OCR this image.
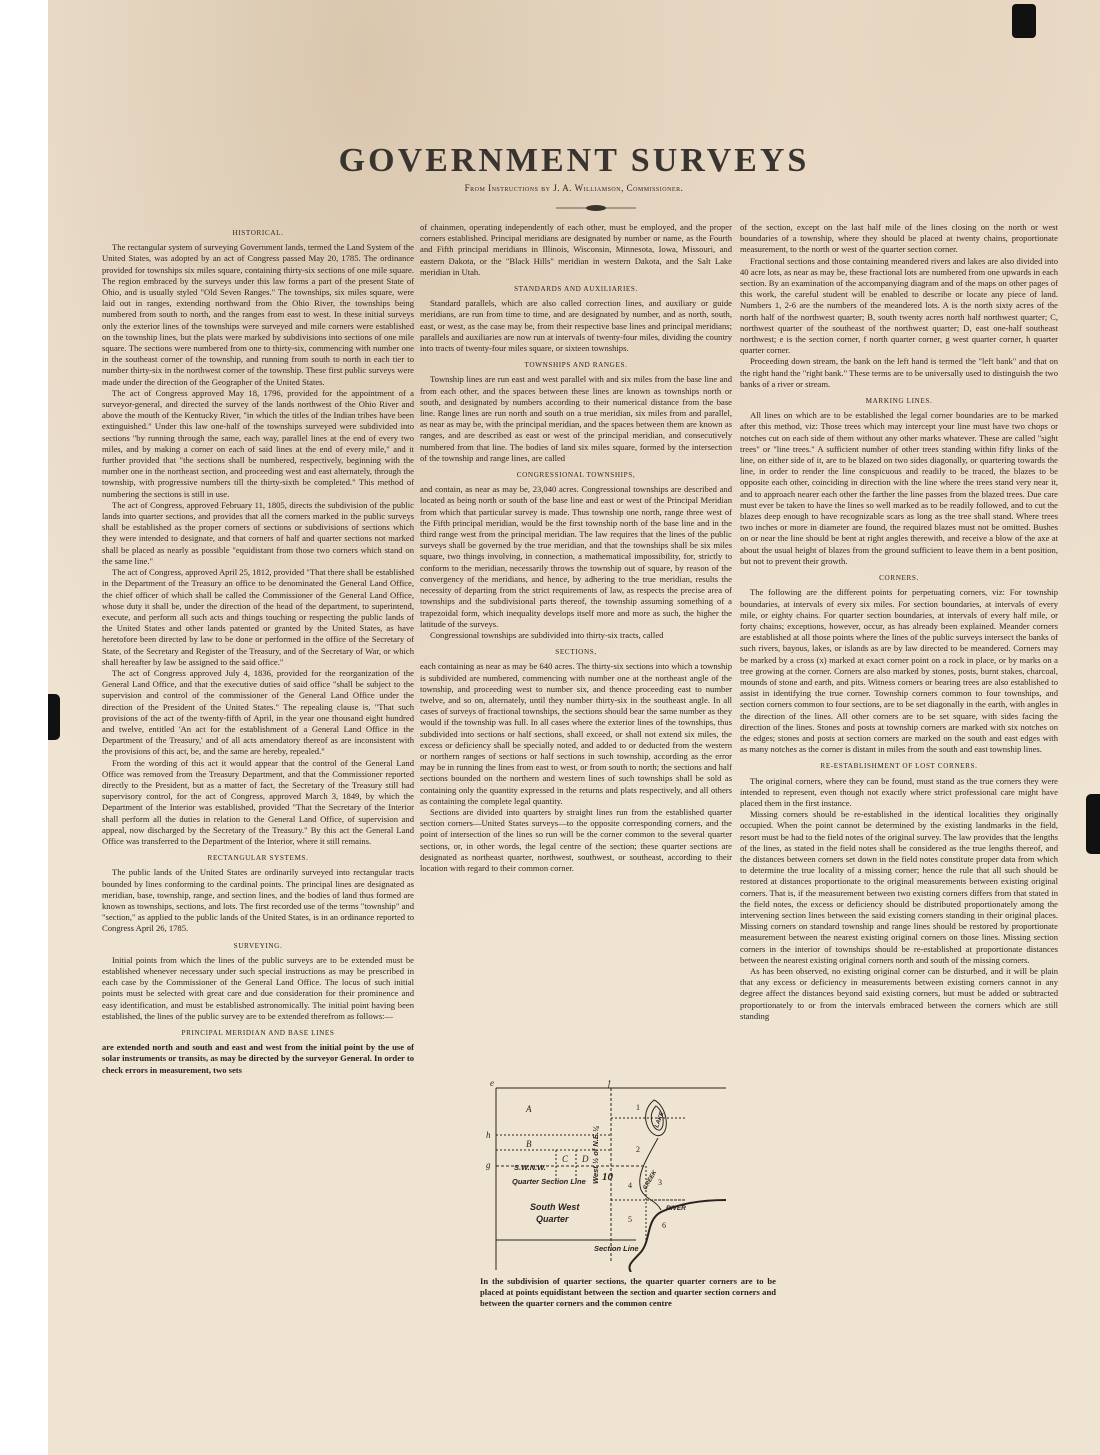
GOVERNMENT SURVEYS
From Instructions by J. A. Williamson, Commissioner.
HISTORICAL.

The rectangular system of surveying Government lands, termed the Land System of the United States, was adopted by an act of Congress passed May 20, 1785. The ordinance provided for townships six miles square, containing thirty-six sections of one mile square. The region embraced by the surveys under this law forms a part of the present State of Ohio, and is usually styled "Old Seven Ranges." The townships, six miles square, were laid out in ranges, extending northward from the Ohio River, the townships being numbered from south to north, and the ranges from east to west. In these initial surveys only the exterior lines of the townships were surveyed and mile corners were established on the township lines, but the plats were marked by subdivisions into sections of one mile square. The sections were numbered from one to thirty-six, commencing with number one in the southeast corner of the township, and running from south to north in each tier to number thirty-six in the northwest corner of the township. These first public surveys were made under the direction of the Geographer of the United States.

The act of Congress approved May 18, 1796, provided for the appointment of a surveyor-general, and directed the survey of the lands northwest of the Ohio River and above the mouth of the Kentucky River, "in which the titles of the Indian tribes have been extinguished." Under this law one-half of the townships surveyed were subdivided into sections "by running through the same, each way, parallel lines at the end of every two miles, and by making a corner on each of said lines at the end of every mile," and it further provided that "the sections shall be numbered, respectively, beginning with the number one in the northeast section, and proceeding west and east alternately, through the township, with progressive numbers till the thirty-sixth be completed." This method of numbering the sections is still in use.

The act of Congress, approved February 11, 1805, directs the subdivision of the public lands into quarter sections, and provides that all the corners marked in the public surveys shall be established as the proper corners of sections or subdivisions of sections which they were intended to designate, and that corners of half and quarter sections not marked shall be placed as nearly as possible "equidistant from those two corners which stand on the same line."

The act of Congress, approved April 25, 1812, provided "That there shall be established in the Department of the Treasury an office to be denominated the General Land Office, the chief officer of which shall be called the Commissioner of the General Land Office, whose duty it shall be, under the direction of the head of the department, to superintend, execute, and perform all such acts and things touching or respecting the public lands of the United States and other lands patented or granted by the United States, as have heretofore been directed by law to be done or performed in the office of the Secretary of State, of the Secretary and Register of the Treasury, and of the Secretary of War, or which shall hereafter by law be assigned to the said office."

The act of Congress approved July 4, 1836, provided for the reorganization of the General Land Office, and that the executive duties of said office "shall be subject to the supervision and control of the commissioner of the General Land Office under the direction of the President of the United States." The repealing clause is, "That such provisions of the act of the twenty-fifth of April, in the year one thousand eight hundred and twelve, entitled 'An act for the establishment of a General Land Office in the Department of the Treasury,' and of all acts amendatory thereof as are inconsistent with the provisions of this act, be, and the same are hereby, repealed."

From the wording of this act it would appear that the control of the General Land Office was removed from the Treasury Department, and that the Commissioner reported directly to the President, but as a matter of fact, the Secretary of the Treasury still had supervisory control, for the act of Congress, approved March 3, 1849, by which the Department of the Interior was established, provided "That the Secretary of the Interior shall perform all the duties in relation to the General Land Office, of supervision and appeal, now discharged by the Secretary of the Treasury." By this act the General Land Office was transferred to the Department of the Interior, where it still remains.

RECTANGULAR SYSTEMS.

The public lands of the United States are ordinarily surveyed into rectangular tracts bounded by lines conforming to the cardinal points. The principal lines are designated as meridian, base, township, range, and section lines, and the bodies of land thus formed are known as townships, sections, and lots. The first recorded use of the terms "township" and "section," as applied to the public lands of the United States, is in an ordinance reported to Congress April 26, 1785.

SURVEYING.

Initial points from which the lines of the public surveys are to be extended must be established whenever necessary under such special instructions as may be prescribed in each case by the Commissioner of the General Land Office. The locus of such initial points must be selected with great care and due consideration for their prominence and easy identification, and must be established astronomically. The initial point having been established, the lines of the public survey are to be extended therefrom as follows:—

PRINCIPAL MERIDIAN AND BASE LINES

are extended north and south and east and west from the initial point by the use of solar instruments or transits, as may be directed by the surveyor General. In order to check errors in measurement, two sets

of chainmen, operating independently of each other, must be employed, and the proper corners established. Principal meridians are designated by number or name, as the Fourth and Fifth principal meridians in Illinois, Wisconsin, Minnesota, Iowa, Missouri, and eastern Dakota, or the "Black Hills" meridian in western Dakota, and the Salt Lake meridian in Utah.

STANDARDS AND AUXILIARIES.

Standard parallels, which are also called correction lines, and auxiliary or guide meridians, are run from time to time, and are designated by number, and as north, south, east, or west, as the case may be, from their respective base lines and principal meridians; parallels and auxiliaries are now run at intervals of twenty-four miles, dividing the country into tracts of twenty-four miles square, or sixteen townships.

TOWNSHIPS AND RANGES.

Township lines are run east and west parallel with and six miles from the base line and from each other, and the spaces between these lines are known as townships north or south, and designated by numbers according to their numerical distance from the base line. Range lines are run north and south on a true meridian, six miles from and parallel, as near as may be, with the principal meridian, and the spaces between them are known as ranges, and are described as east or west of the principal meridian, and consecutively numbered from that line. The bodies of land six miles square, formed by the intersection of the township and range lines, are called

CONGRESSIONAL TOWNSHIPS,

and contain, as near as may be, 23,040 acres. Congressional townships are described and located as being north or south of the base line and east or west of the Principal Meridian from which that particular survey is made. Thus township one north, range three west of the Fifth principal meridian, would be the first township north of the base line and in the third range west from the principal meridian. The law requires that the lines of the public surveys shall be governed by the true meridian, and that the townships shall be six miles square, two things involving, in connection, a mathematical impossibility, for, strictly to conform to the meridian, necessarily throws the township out of square, by reason of the convergency of the meridians, and hence, by adhering to the true meridian, results the necessity of departing from the strict requirements of law, as respects the precise area of townships and the subdivisional parts thereof, the township assuming something of a trapezoidal form, which inequality develops itself more and more as such, the higher the latitude of the surveys.

Congressional townships are subdivided into thirty-six tracts, called

SECTIONS,

each containing as near as may be 640 acres. The thirty-six sections into which a township is subdivided are numbered, commencing with number one at the northeast angle of the township, and proceeding west to number six, and thence proceeding east to number twelve, and so on, alternately, until they number thirty-six in the southeast angle. In all cases of surveys of fractional townships, the sections should bear the same number as they would if the township was full. In all cases where the exterior lines of the townships, thus subdivided into sections or half sections, shall exceed, or shall not extend six miles, the excess or deficiency shall be specially noted, and added to or deducted from the western or northern ranges of sections or half sections in such township, according as the error may be in running the lines from east to west, or from south to north; the sections and half sections bounded on the northern and western lines of such townships shall be sold as containing only the quantity expressed in the returns and plats respectively, and all others as containing the complete legal quantity.

Sections are divided into quarters by straight lines run from the established quarter section corners—United States surveys—to the opposite corresponding corners, and the point of intersection of the lines so run will be the corner common to the several quarter sections, or, in other words, the legal centre of the section; these quarter sections are designated as northeast quarter, northwest, southwest, or southeast, according to their location with regard to their common corner.

e	f
h
g
A
B
C D
S.W.N.W.
Quarter Section Line West ½ of N.E.¼
South West
Quarter
Section Line
LAKE
CREEK
RIVER
1
2
3
4
5
6
10
In the subdivision of quarter sections, the quarter quarter corners are to be placed at points equidistant between the section and quarter section corners and between the quarter corners and the common centre

of the section, except on the last half mile of the lines closing on the north or west boundaries of a township, where they should be placed at twenty chains, proportionate measurement, to the north or west of the quarter section corner.

Fractional sections and those containing meandered rivers and lakes are also divided into 40 acre lots, as near as may be, these fractional lots are numbered from one upwards in each section. By an examination of the accompanying diagram and of the maps on other pages of this work, the careful student will be enabled to describe or locate any piece of land. Numbers 1, 2-6 are the numbers of the meandered lots. A is the north sixty acres of the north half of the northwest quarter; B, south twenty acres north half northwest quarter; C, northwest quarter of the southeast of the northwest quarter; D, east one-half southeast northwest; e is the section corner, f north quarter corner, g west quarter corner, h quarter quarter corner.

Proceeding down stream, the bank on the left hand is termed the "left bank" and that on the right hand the "right bank." These terms are to be universally used to distinguish the two banks of a river or stream.

MARKING LINES.

All lines on which are to be established the legal corner boundaries are to be marked after this method, viz: Those trees which may intercept your line must have two chops or notches cut on each side of them without any other marks whatever. These are called "sight trees" or "line trees." A sufficient number of other trees standing within fifty links of the line, on either side of it, are to be blazed on two sides diagonally, or quartering towards the line, in order to render the line conspicuous and readily to be traced, the blazes to be opposite each other, coinciding in direction with the line where the trees stand very near it, and to approach nearer each other the farther the line passes from the blazed trees. Due care must ever be taken to have the lines so well marked as to be readily followed, and to cut the blazes deep enough to have recognizable scars as long as the tree shall stand. Where trees two inches or more in diameter are found, the required blazes must not be omitted. Bushes on or near the line should be bent at right angles therewith, and receive a blow of the axe at about the usual height of blazes from the ground sufficient to leave them in a bent position, but not to prevent their growth.

CORNERS.

The following are the different points for perpetuating corners, viz: For township boundaries, at intervals of every six miles. For section boundaries, at intervals of every mile, or eighty chains. For quarter section boundaries, at intervals of every half mile, or forty chains; exceptions, however, occur, as has already been explained. Meander corners are established at all those points where the lines of the public surveys intersect the banks of such rivers, bayous, lakes, or islands as are by law directed to be meandered. Corners may be marked by a cross (x) marked at exact corner point on a rock in place, or by marks on a tree growing at the corner. Corners are also marked by stones, posts, burnt stakes, charcoal, mounds of stone and earth, and pits. Witness corners or bearing trees are also established to assist in identifying the true corner. Township corners common to four townships, and section corners common to four sections, are to be set diagonally in the earth, with angles in the direction of the lines. All other corners are to be set square, with sides facing the direction of the lines. Stones and posts at township corners are marked with six notches on the edges; stones and posts at section corners are marked on the south and east edges with as many notches as the corner is distant in miles from the south and east township lines.

RE-ESTABLISHMENT OF LOST CORNERS.

The original corners, where they can be found, must stand as the true corners they were intended to represent, even though not exactly where strict professional care might have placed them in the first instance.

Missing corners should be re-established in the identical localities they originally occupied. When the point cannot be determined by the existing landmarks in the field, resort must be had to the field notes of the original survey. The law provides that the lengths of the lines, as stated in the field notes shall be considered as the true lengths thereof, and the distances between corners set down in the field notes constitute proper data from which to determine the true locality of a missing corner; hence the rule that all such should be restored at distances proportionate to the original measurements between existing original corners. That is, if the measurement between two existing corners differs from that stated in the field notes, the excess or deficiency should be distributed proportionately among the intervening section lines between the said existing corners standing in their original places. Missing corners on standard township and range lines should be restored by proportionate measurement between the nearest existing original corners on those lines. Missing section corners in the interior of townships should be re-established at proportionate distances between the nearest existing original corners north and south of the missing corners.

As has been observed, no existing original corner can be disturbed, and it will be plain that any excess or deficiency in measurements between existing corners cannot in any degree affect the distances beyond said existing corners, but must be added or subtracted proportionately to or from the intervals embraced between the corners which are still standing
